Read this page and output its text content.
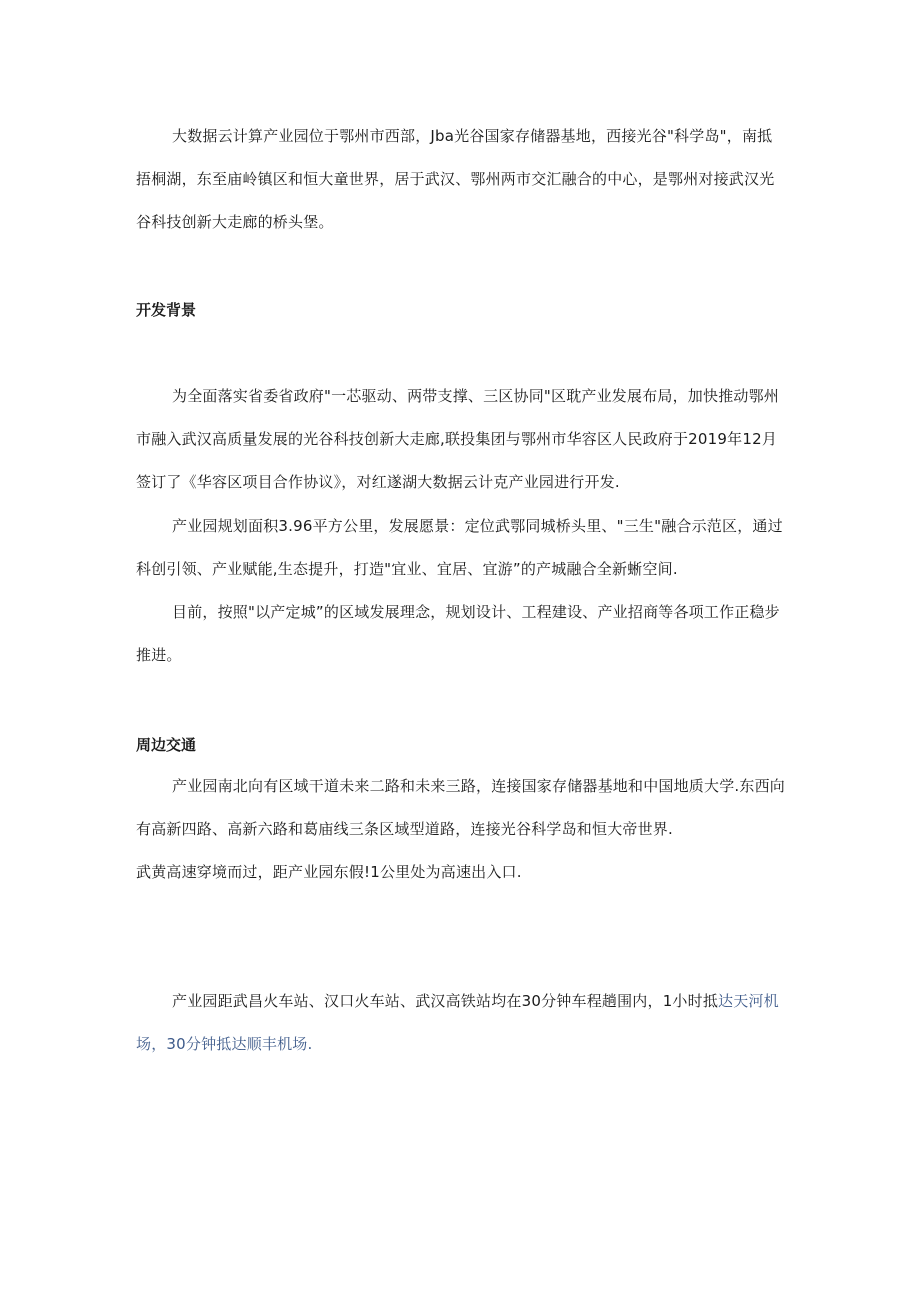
大数据云计算产业园位于鄂州市西部，Jba光谷国家存储器基地，西接光谷"科学岛"，南抵捂桐湖，东至庙岭镇区和恒大童世界，居于武汉、鄂州两市交汇融合的中心，是鄂州对接武汉光谷科技创新大走廊的桥头堡。

开发背景

为全面落实省委省政府"一芯驱动、两带支撑、三区协同"区耽产业发展布局，加快推动鄂州市融入武汉高质量发展的光谷科技创新大走廊,联投集团与鄂州市华容区人民政府于2019年12月签订了《华容区项目合作协议》，对红遂湖大数据云计克产业园进行开发.

产业园规划面积3.96平方公里，发展愿景：定位武鄂同城桥头里、"三生"融合示范区，通过科创引领、产业赋能,生态提升，打造"宜业、宜居、宜游”的产城融合全新蜥空间.

目前，按照"以产定城”的区域发展理念，规划设计、工程建设、产业招商等各项工作正稳步推进。

周边交通
产业园南北向有区域干道未来二路和未来三路，连接国家存储器基地和中国地质大学.东西向有高新四路、高新六路和葛庙线三条区域型道路，连接光谷科学岛和恒大帝世界.
武黄高速穿境而过，距产业园东假!1公里处为高速出入口.

产业园距武昌火车站、汉口火车站、武汉高铁站均在30分钟车程趟围内，1小时抵达天河机场，30分钟抵达顺丰机场.
